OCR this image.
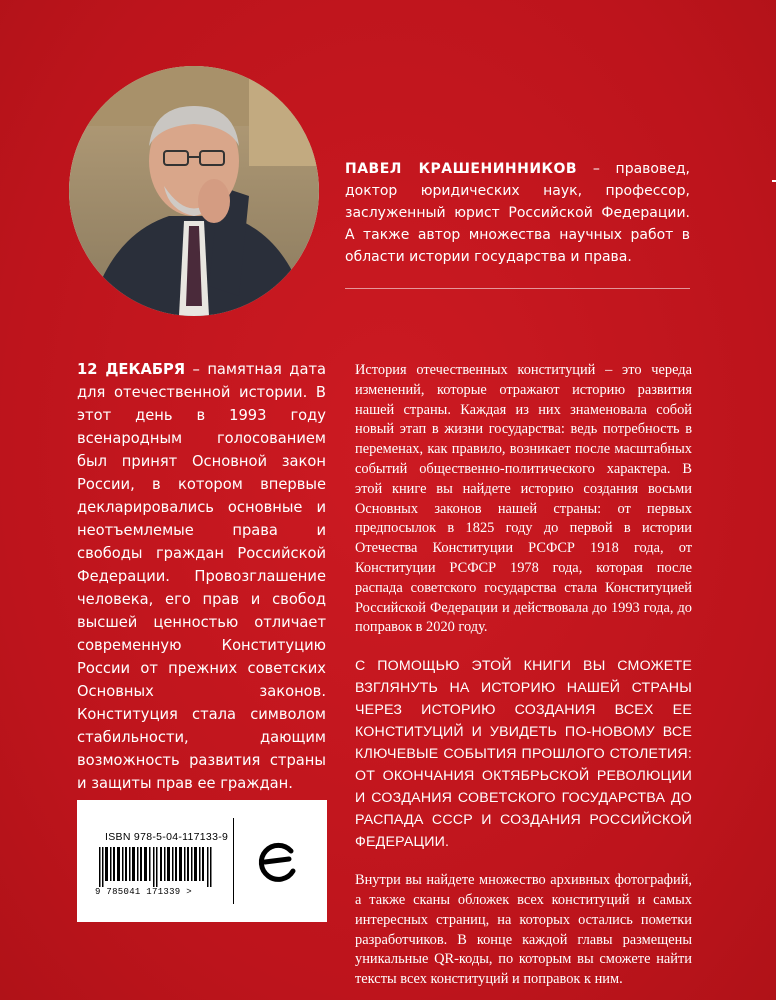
ПАВЕЛ КРАШЕНИННИКОВ – правовед, доктор юридических наук, профессор, заслуженный юрист Российской Федерации. А также автор множества научных работ в области истории государства и права.
12 ДЕКАБРЯ – памятная дата для отечественной истории. В этот день в 1993 году всенародным голосованием был принят Основной закон России, в котором впервые декларировались основные и неотъемлемые права и свободы граждан Российской Федерации. Провозглашение человека, его прав и свобод высшей ценностью отличает современную Конституцию России от прежних советских Основных законов. Конституция стала символом стабильности, дающим возможность развития страны и защиты прав ее граждан.

История отечественных конституций – это череда изменений, которые отражают историю развития нашей страны. Каждая из них знаменовала собой новый этап в жизни государства: ведь потребность в переменах, как правило, возникает после масштабных событий общественно-политического характера. В этой книге вы найдете историю создания восьми Основных законов нашей страны: от первых предпосылок в 1825 году до первой в истории Отечества Конституции РСФСР 1918 года, от Конституции РСФСР 1978 года, которая после распада советского государства стала Конституцией Российской Федерации и действовала до 1993 года, до поправок в 2020 году.

С ПОМОЩЬЮ ЭТОЙ КНИГИ ВЫ СМОЖЕТЕ ВЗГЛЯНУТЬ НА ИСТОРИЮ НАШЕЙ СТРАНЫ ЧЕРЕЗ ИСТОРИЮ СОЗДАНИЯ ВСЕХ ЕЕ КОНСТИТУЦИЙ И УВИДЕТЬ ПО-НОВОМУ ВСЕ КЛЮЧЕВЫЕ СОБЫТИЯ ПРОШЛОГО СТОЛЕТИЯ: ОТ ОКОНЧАНИЯ ОКТЯБРЬСКОЙ РЕВОЛЮЦИИ И СОЗДАНИЯ СОВЕТСКОГО ГОСУДАРСТВА ДО РАСПАДА СССР И СОЗДАНИЯ РОССИЙСКОЙ ФЕДЕРАЦИИ.

Внутри вы найдете множество архивных фотографий, а также сканы обложек всех конституций и самых интересных страниц, на которых остались пометки разработчиков. В конце каждой главы размещены уникальные QR-коды, по которым вы сможете найти тексты всех конституций и поправок к ним.

ISBN 978-5-04-117133-9
9 785041 171339 >
